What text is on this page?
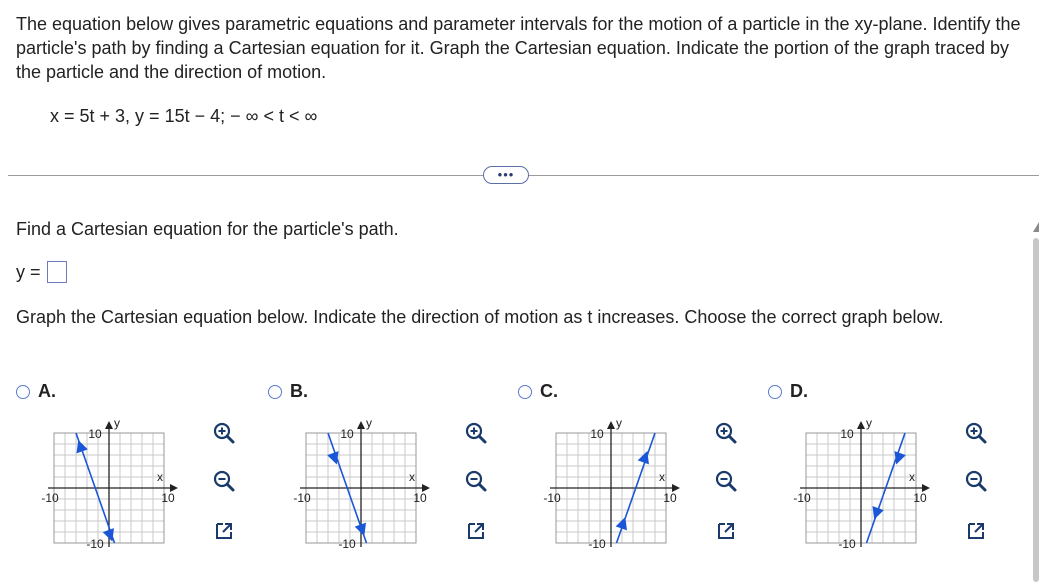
The equation below gives parametric equations and parameter intervals for the motion of a particle in the xy-plane. Identify the particle's path by finding a Cartesian equation for it. Graph the Cartesian equation. Indicate the portion of the graph traced by the particle and the direction of motion.
x = 5t + 3, y = 15t − 4; − ∞ < t < ∞
•••
Find a Cartesian equation for the particle's path.
y =
Graph the Cartesian equation below. Indicate the direction of motion as t increases. Choose the correct graph below.
A.
y
x
10
-10
-10	10
B.
y
x
10
-10
-10	10
C.
y
x
10
-10
-10	10
D.
y
x
10
-10
-10	10
